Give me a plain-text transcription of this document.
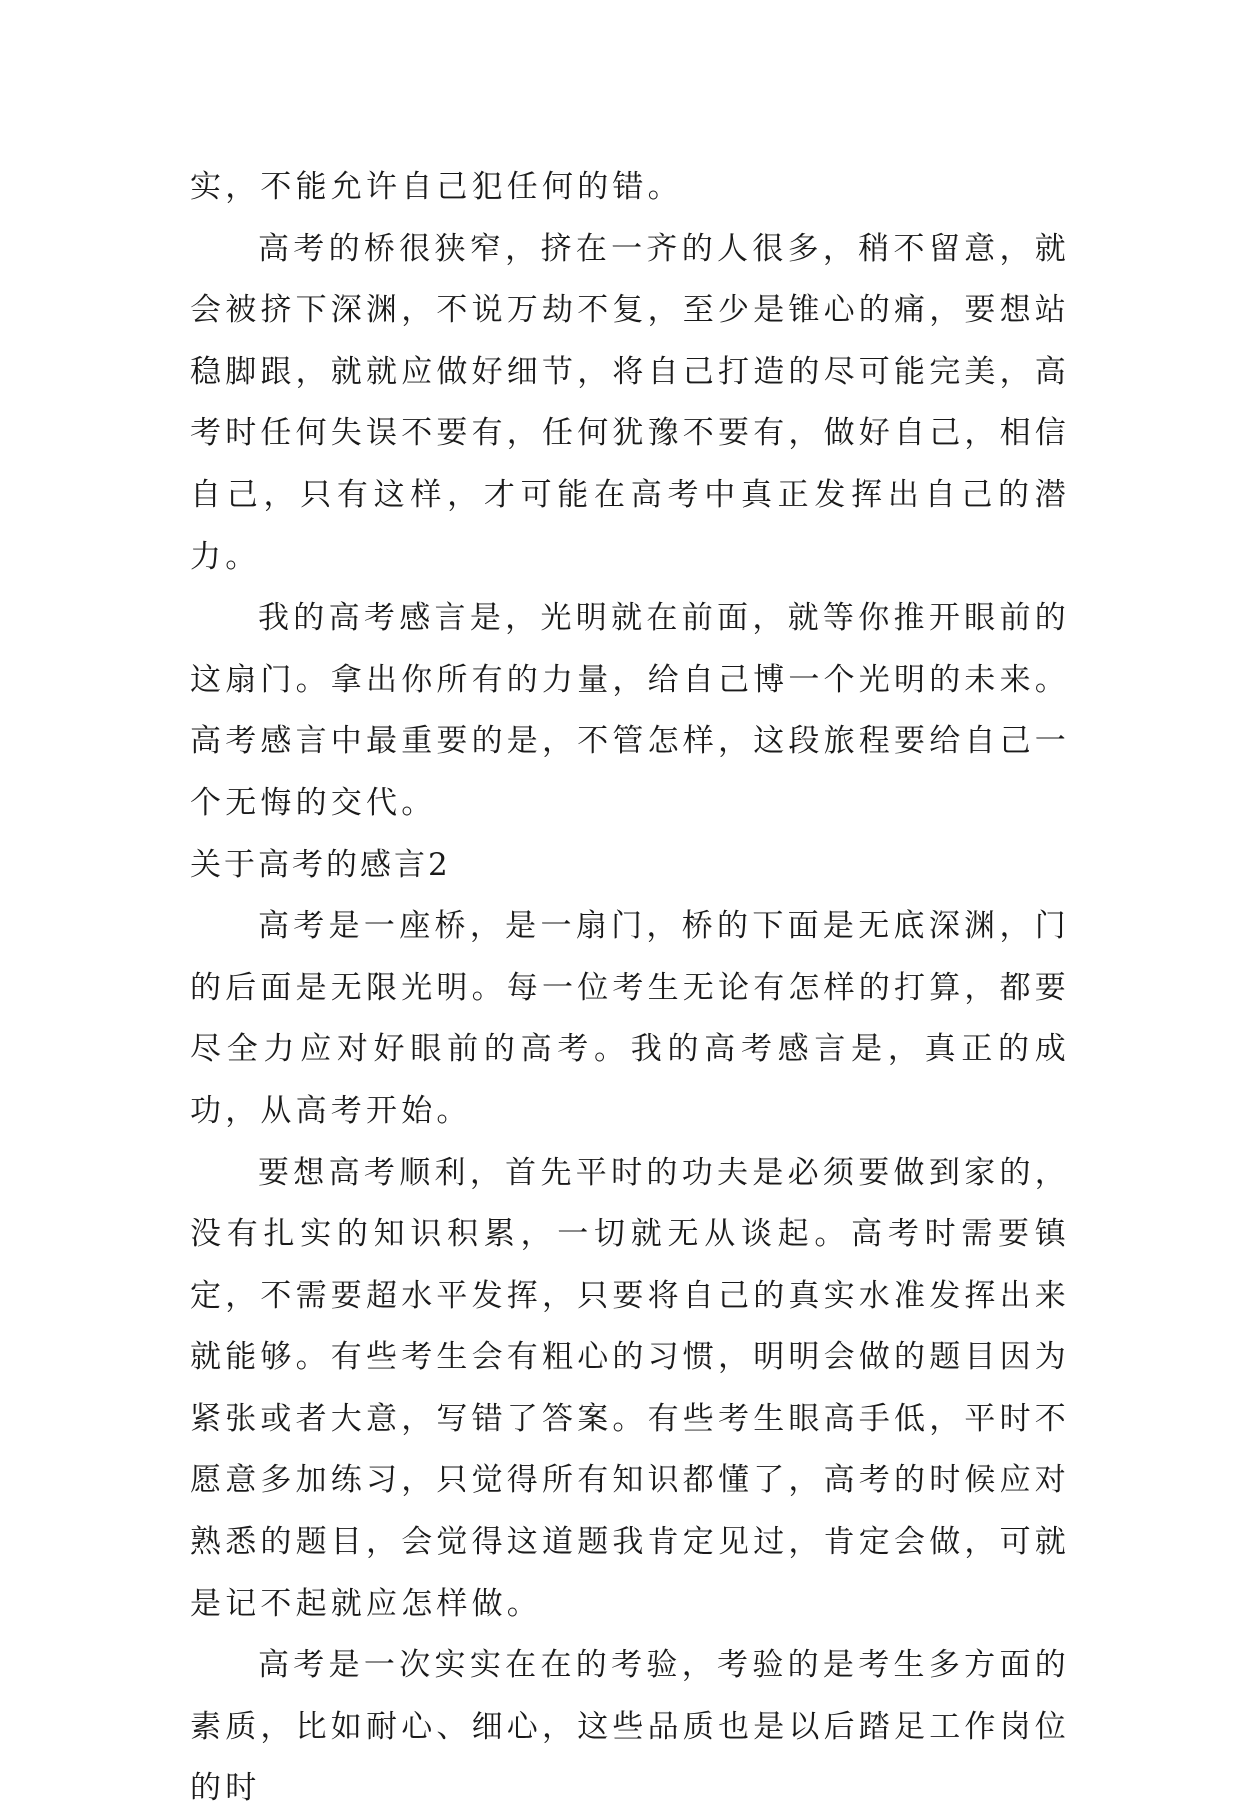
实，不能允许自己犯任何的错。

高考的桥很狭窄，挤在一齐的人很多，稍不留意，就会被挤下深渊，不说万劫不复，至少是锥心的痛，要想站稳脚跟，就就应做好细节，将自己打造的尽可能完美，高考时任何失误不要有，任何犹豫不要有，做好自己，相信自己，只有这样，才可能在高考中真正发挥出自己的潜力。

我的高考感言是，光明就在前面，就等你推开眼前的这扇门。拿出你所有的力量，给自己博一个光明的未来。高考感言中最重要的是，不管怎样，这段旅程要给自己一个无悔的交代。

关于高考的感言2

高考是一座桥，是一扇门，桥的下面是无底深渊，门的后面是无限光明。每一位考生无论有怎样的打算，都要尽全力应对好眼前的高考。我的高考感言是，真正的成功，从高考开始。

要想高考顺利，首先平时的功夫是必须要做到家的，没有扎实的知识积累，一切就无从谈起。高考时需要镇定，不需要超水平发挥，只要将自己的真实水准发挥出来就能够。有些考生会有粗心的习惯，明明会做的题目因为紧张或者大意，写错了答案。有些考生眼高手低，平时不愿意多加练习，只觉得所有知识都懂了，高考的时候应对熟悉的题目，会觉得这道题我肯定见过，肯定会做，可就是记不起就应怎样做。

高考是一次实实在在的考验，考验的是考生多方面的素质，比如耐心、细心，这些品质也是以后踏足工作岗位的时
